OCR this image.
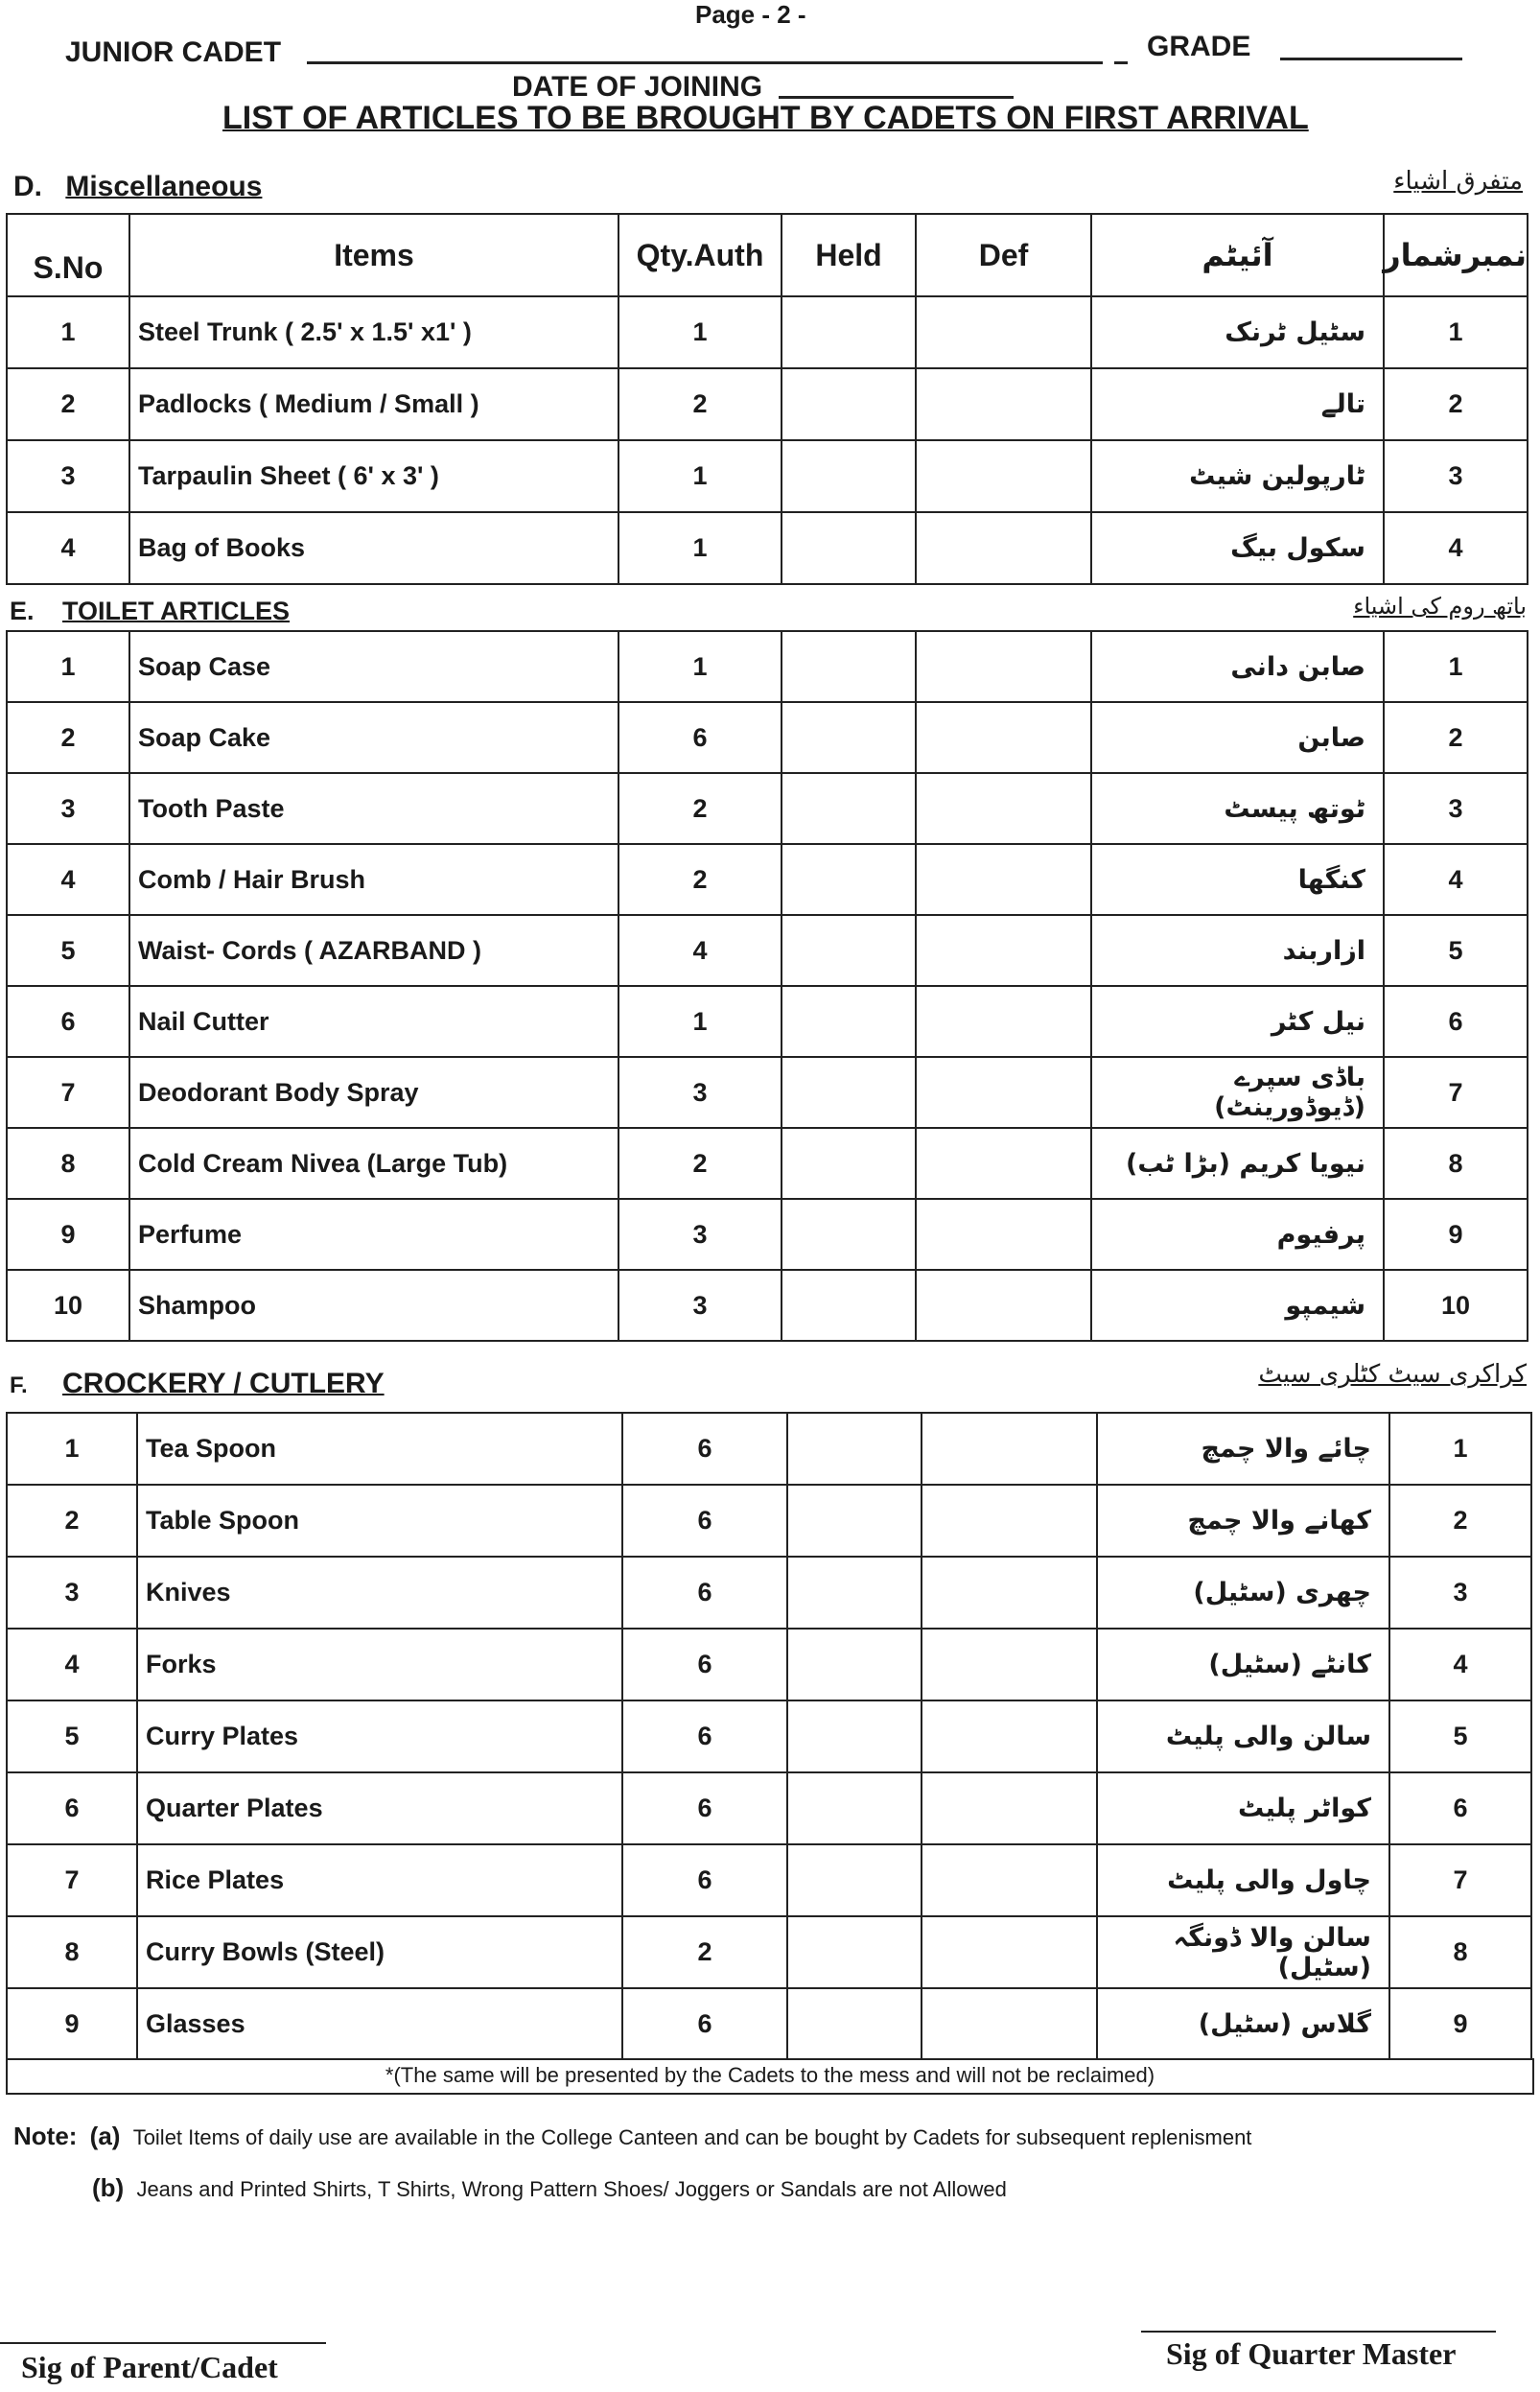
Page - 2 -
JUNIOR CADET	GRADE
DATE OF JOINING
LIST OF ARTICLES TO BE BROUGHT BY CADETS ON FIRST ARRIVAL
D. Miscellaneous	متفرق اشیاء
S.No	Items	Qty.Auth	Held	Def	آئیٹم	نمبرشمار
1	Steel Trunk ( 2.5' x 1.5' x1' )	1			سٹیل ٹرنک	1
2	Padlocks ( Medium / Small )	2			تالے	2
3	Tarpaulin Sheet ( 6' x 3' )	1			ٹارپولین شیٹ	3
4	Bag of Books	1			سکول بیگ	4
E. TOILET ARTICLES	باتھ روم کی اشیاء
1	Soap Case	1			صابن دانی	1
2	Soap Cake	6			صابن	2
3	Tooth Paste	2			ٹوتھ پیسٹ	3
4	Comb / Hair Brush	2			کنگھا	4
5	Waist- Cords ( AZARBAND )	4			ازاربند	5
6	Nail Cutter	1			نیل کٹر	6
7	Deodorant Body Spray	3			باڈی سپرے (ڈیوڈورینٹ)	7
8	Cold Cream Nivea (Large Tub)	2			نیویا کریم (بڑا ٹب)	8
9	Perfume	3			پرفیوم	9
10	Shampoo	3			شیمپو	10
F. CROCKERY / CUTLERY	کراکری سیٹ کٹلری سیٹ
1	Tea Spoon	6			چائے والا چمچ	1
2	Table Spoon	6			کھانے والا چمچ	2
3	Knives	6			چھری (سٹیل)	3
4	Forks	6			کانٹے (سٹیل)	4
5	Curry Plates	6			سالن والی پلیٹ	5
6	Quarter Plates	6			کواٹر پلیٹ	6
7	Rice Plates	6			چاول والی پلیٹ	7
8	Curry Bowls (Steel)	2			سالن والا ڈونگہ (سٹیل)	8
9	Glasses	6			گلاس (سٹیل)	9
*(The same will be presented by the Cadets to the mess and will not be reclaimed)
Note: (a) Toilet Items of daily use are available in the College Canteen and can be bought by Cadets for subsequent replenisment
(b) Jeans and Printed Shirts, T Shirts, Wrong Pattern Shoes/ Joggers or Sandals are not Allowed
Sig of Parent/Cadet	Sig of Quarter Master
